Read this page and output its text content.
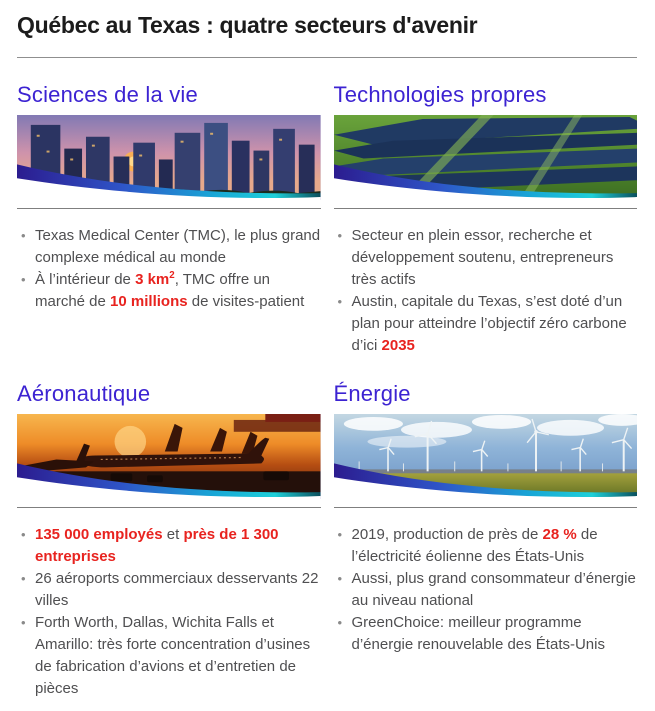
Québec au Texas : quatre secteurs d'avenir
Sciences de la vie
• Texas Medical Center (TMC), le plus grand complexe médical au monde
• À l’intérieur de 3 $km^2$, TMC offre un marché de 10 millions de visites-patient
Technologies propres
• Secteur en plein essor, recherche et développement soutenu, entrepreneurs très actifs
• Austin, capitale du Texas, s’est doté d’un plan pour atteindre l’objectif zéro carbone d’ici 2035
Aéronautique
• 135 000 employés et près de 1 300 entreprises
• 26 aéroports commerciaux desservants 22 villes
• Forth Worth, Dallas, Wichita Falls et Amarillo: très forte concentration d’usines de fabrication d’avions et d’entretien de pièces
Énergie
• 2019, production de près de 28 % de l’électricité éolienne des États-Unis
• Aussi, plus grand consommateur d’énergie au niveau national
• GreenChoice: meilleur programme d’énergie renouvelable des États-Unis
